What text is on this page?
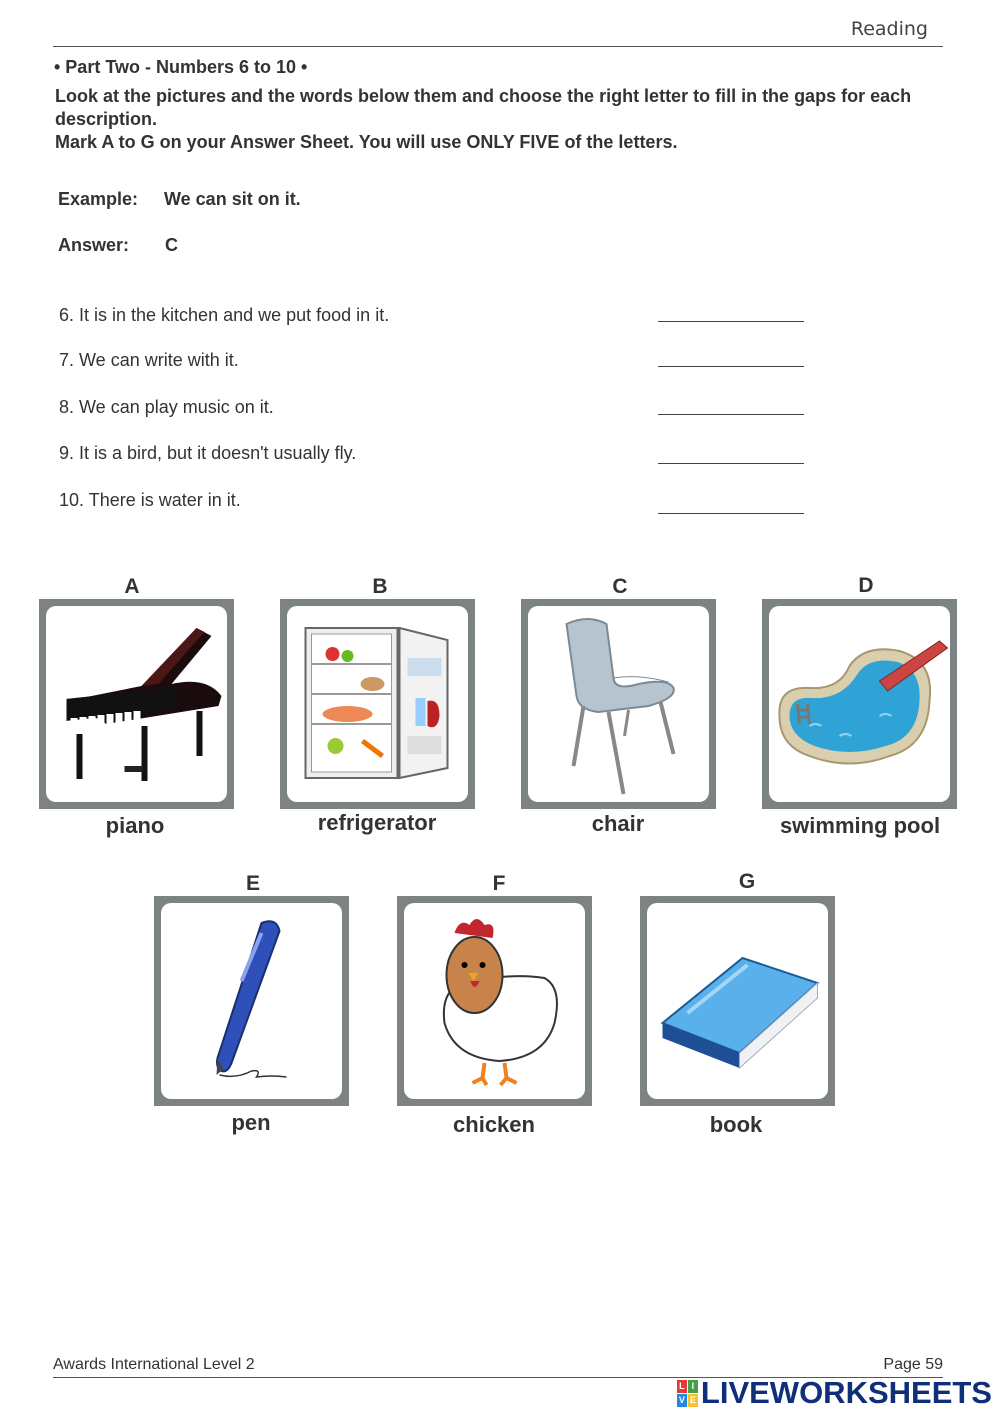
Reading
• Part Two - Numbers 6 to 10 •

Look at the pictures and the words below them and choose the right letter to fill in the gaps for each description.

Mark A to G on your Answer Sheet. You will use ONLY FIVE of the letters.

Example: We can sit on it.
Answer: C
6. It is in the kitchen and we put food in it.
7. We can write with it.
8. We can play music on it.
9. It is a bird, but it doesn't usually fly.
10. There is water in it.
A	B	C	D
piano	refrigerator	chair	swimming pool
E	F	G
pen	chicken	book
Awards International Level 2	Page 59
L I
V E LIVEWORKSHEETS
